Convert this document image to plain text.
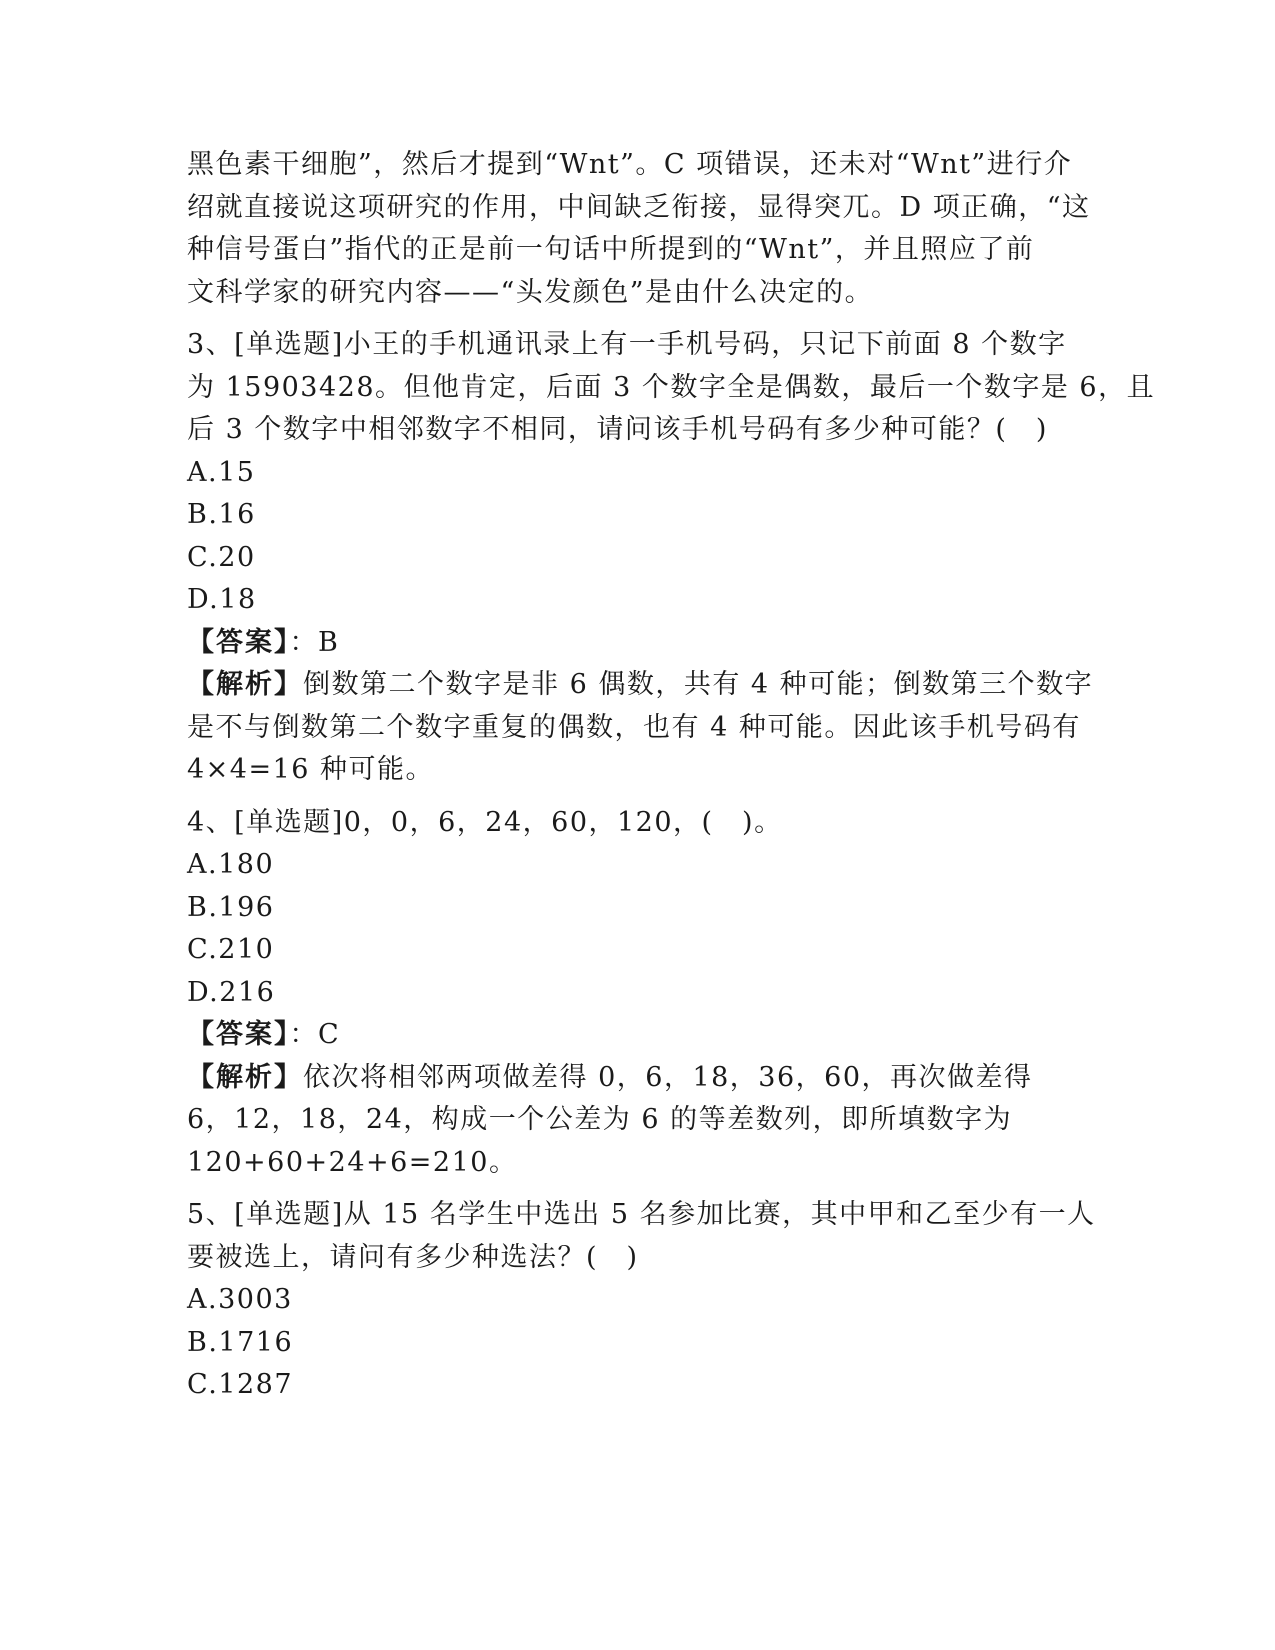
黑色素干细胞”，然后才提到“Wnt”。C 项错误，还未对“Wnt”进行介
绍就直接说这项研究的作用，中间缺乏衔接，显得突兀。D 项正确，“这
种信号蛋白”指代的正是前一句话中所提到的“Wnt”，并且照应了前
文科学家的研究内容——“头发颜色”是由什么决定的。
3、[单选题]小王的手机通讯录上有一手机号码，只记下前面 8 个数字
为 15903428。但他肯定，后面 3 个数字全是偶数，最后一个数字是 6，且
后 3 个数字中相邻数字不相同，请问该手机号码有多少种可能？(　)
A.15
B.16
C.20
D.18
【答案】：B
【解析】倒数第二个数字是非 6 偶数，共有 4 种可能；倒数第三个数字
是不与倒数第二个数字重复的偶数，也有 4 种可能。因此该手机号码有
4×4=16 种可能。
4、[单选题]0，0，6，24，60，120，(　)。
A.180
B.196
C.210
D.216
【答案】：C
【解析】依次将相邻两项做差得 0，6，18，36，60，再次做差得
6，12，18，24，构成一个公差为 6 的等差数列，即所填数字为
120+60+24+6=210。
5、[单选题]从 15 名学生中选出 5 名参加比赛，其中甲和乙至少有一人
要被选上，请问有多少种选法？(　)
A.3003
B.1716
C.1287
